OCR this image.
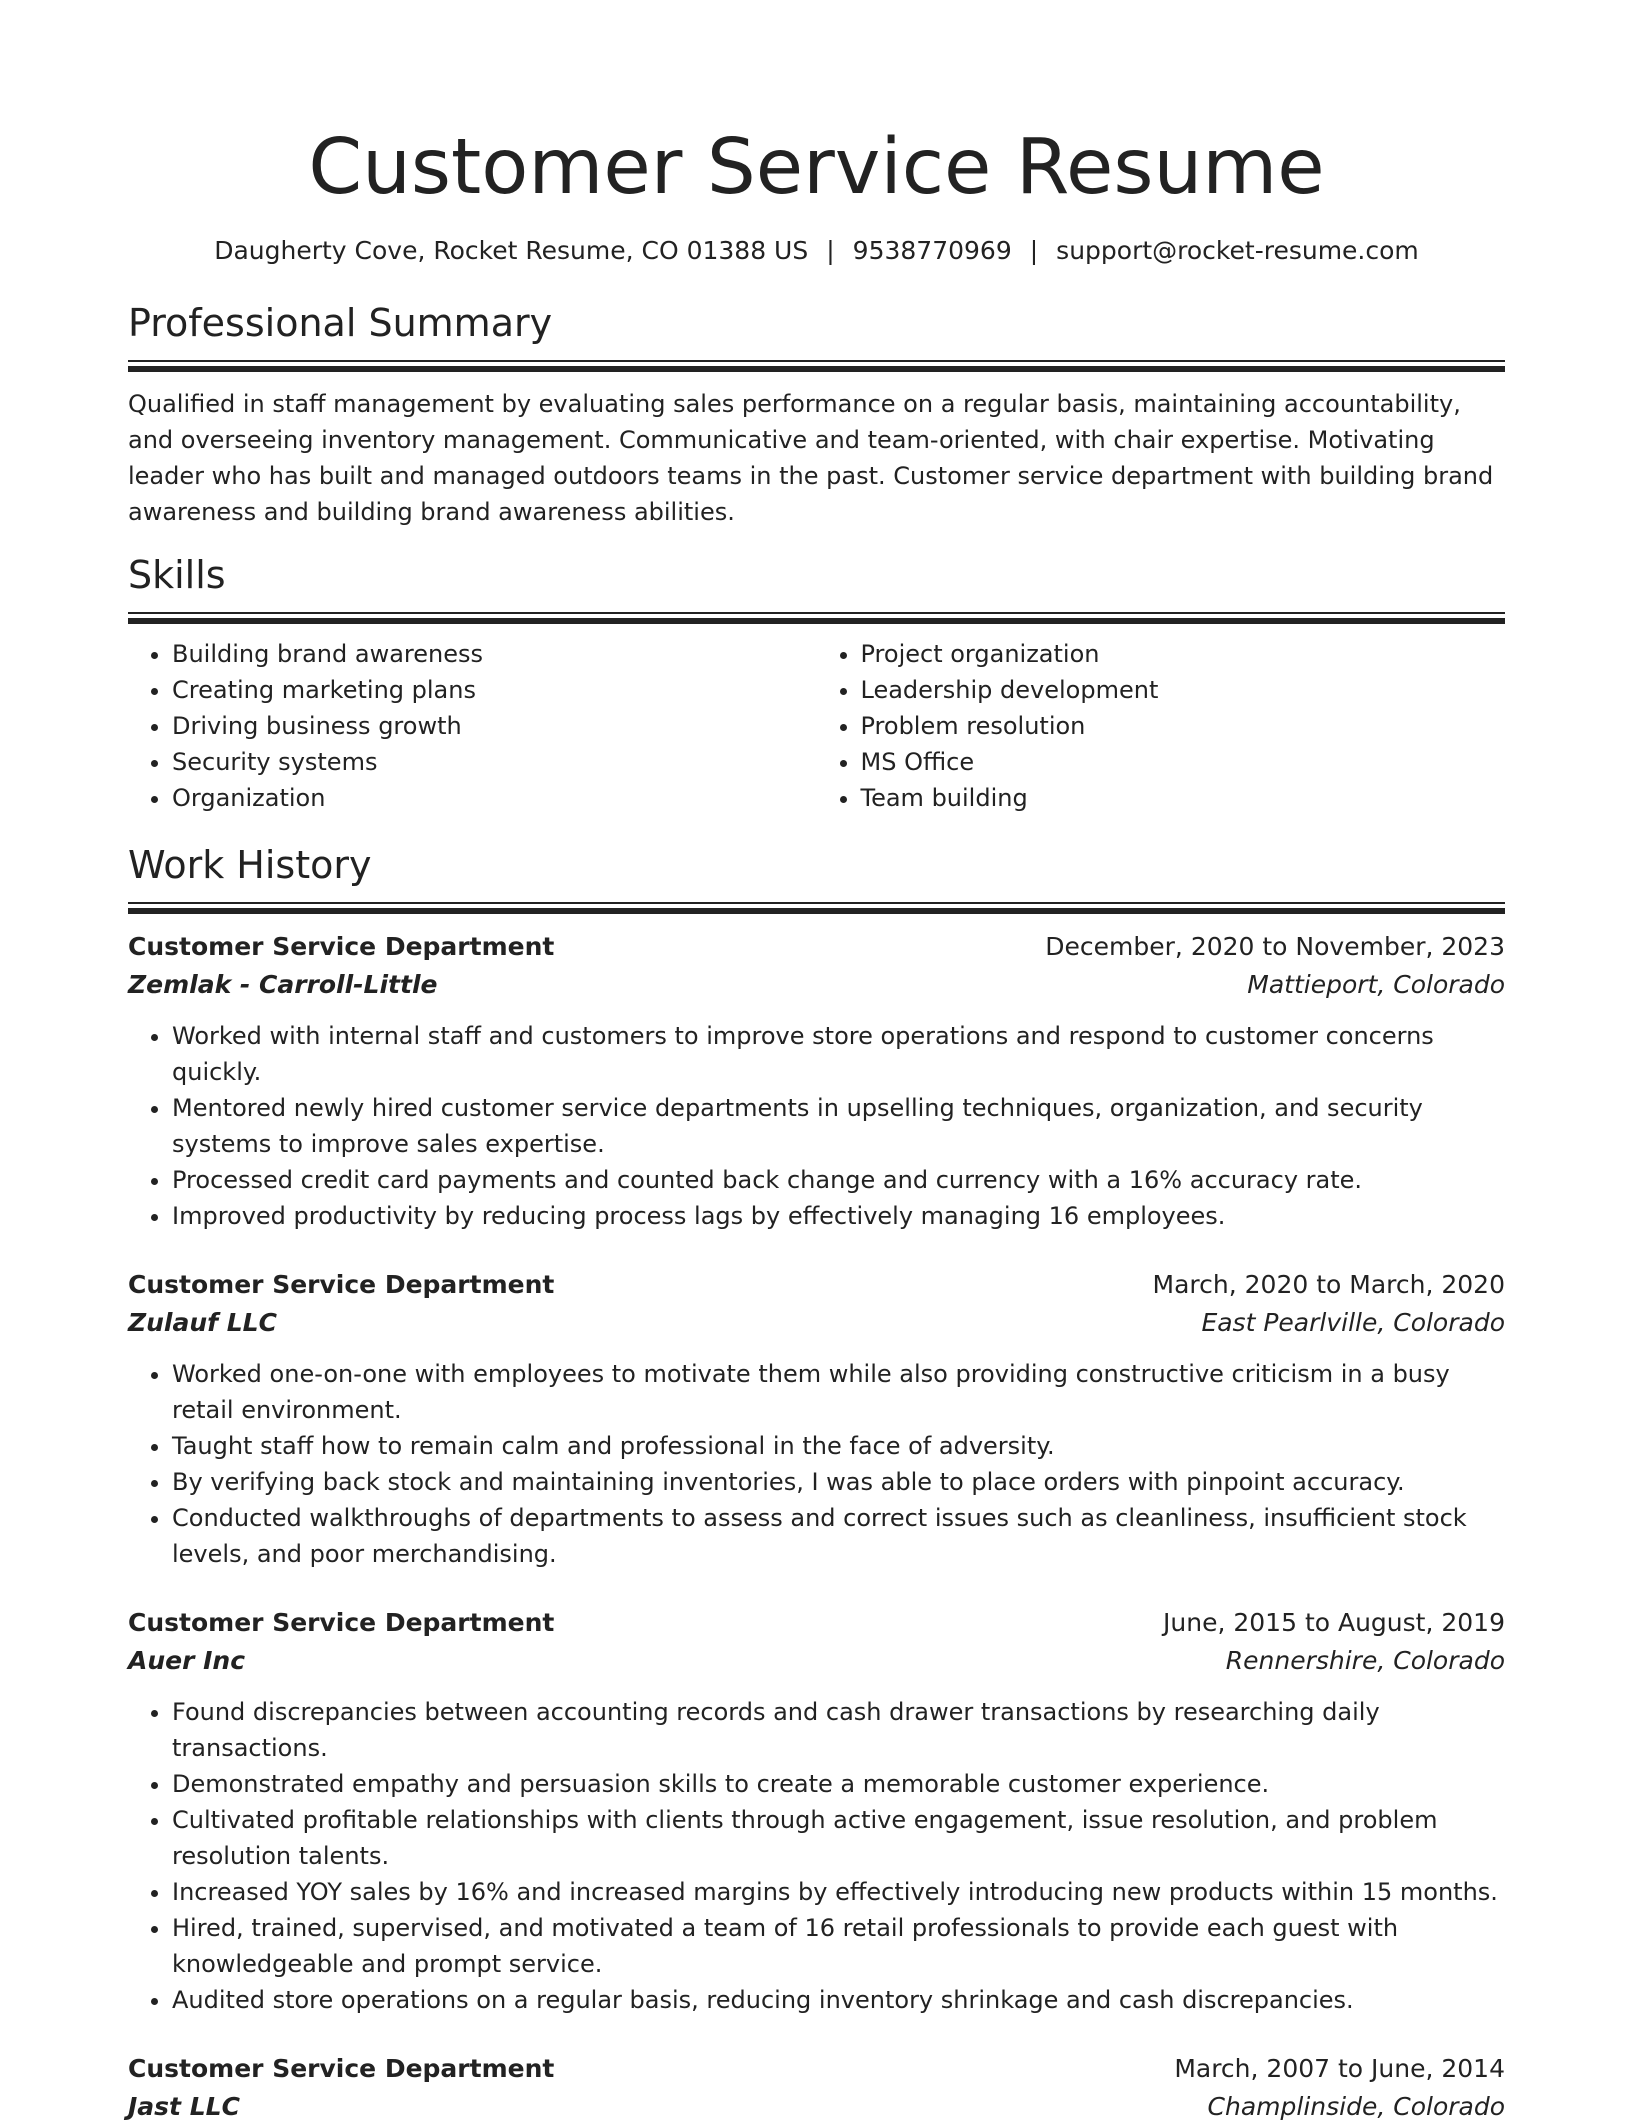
Customer Service Resume
Daugherty Cove, Rocket Resume, CO 01388 US | 9538770969 | support@rocket-resume.com
Professional Summary

Qualified in staff management by evaluating sales performance on a regular basis, maintaining accountability, and overseeing inventory management. Communicative and team-oriented, with chair expertise. Motivating leader who has built and managed outdoors teams in the past. Customer service department with building brand awareness and building brand awareness abilities.

Skills
• Building brand awareness
• Creating marketing plans
• Driving business growth
• Security systems
• Organization
• Project organization
• Leadership development
• Problem resolution
• MS Office
• Team building
Work History
Customer Service Department	December, 2020 to November, 2023
Zemlak - Carroll-Little	Mattieport, Colorado
• Worked with internal staff and customers to improve store operations and respond to customer concerns quickly.
• Mentored newly hired customer service departments in upselling techniques, organization, and security systems to improve sales expertise.
• Processed credit card payments and counted back change and currency with a 16% accuracy rate.
• Improved productivity by reducing process lags by effectively managing 16 employees.
Customer Service Department	March, 2020 to March, 2020
Zulauf LLC	East Pearlville, Colorado
• Worked one-on-one with employees to motivate them while also providing constructive criticism in a busy retail environment.
• Taught staff how to remain calm and professional in the face of adversity.
• By verifying back stock and maintaining inventories, I was able to place orders with pinpoint accuracy.
• Conducted walkthroughs of departments to assess and correct issues such as cleanliness, insufficient stock levels, and poor merchandising.
Customer Service Department	June, 2015 to August, 2019
Auer Inc	Rennershire, Colorado
• Found discrepancies between accounting records and cash drawer transactions by researching daily transactions.
• Demonstrated empathy and persuasion skills to create a memorable customer experience.
• Cultivated profitable relationships with clients through active engagement, issue resolution, and problem resolution talents.
• Increased YOY sales by 16% and increased margins by effectively introducing new products within 15 months.
• Hired, trained, supervised, and motivated a team of 16 retail professionals to provide each guest with knowledgeable and prompt service.
• Audited store operations on a regular basis, reducing inventory shrinkage and cash discrepancies.
Customer Service Department	March, 2007 to June, 2014
Jast LLC	Champlinside, Colorado
